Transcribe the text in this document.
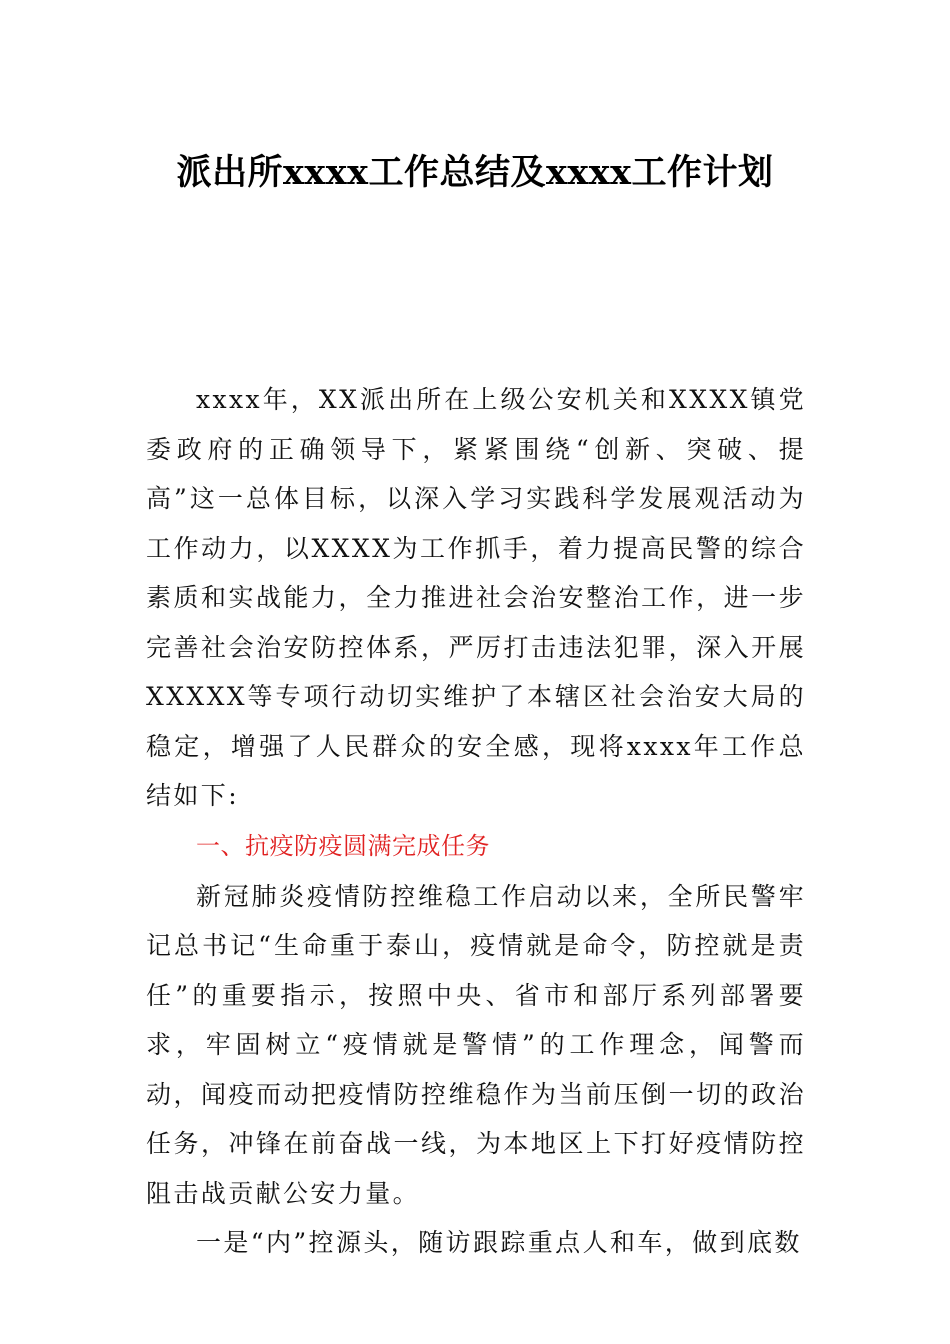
派出所xxxx工作总结及xxxx工作计划

xxxx年，XX派出所在上级公安机关和XXXX镇党委政府的正确领导下，紧紧围绕“创新、突破、提高”这一总体目标，以深入学习实践科学发展观活动为工作动力，以XXXX为工作抓手，着力提高民警的综合素质和实战能力，全力推进社会治安整治工作，进一步完善社会治安防控体系，严厉打击违法犯罪，深入开展XXXXX等专项行动切实维护了本辖区社会治安大局的稳定，增强了人民群众的安全感，现将xxxx年工作总结如下:

一、抗疫防疫圆满完成任务

新冠肺炎疫情防控维稳工作启动以来，全所民警牢记总书记“生命重于泰山，疫情就是命令，防控就是责任”的重要指示，按照中央、省市和部厅系列部署要求，牢固树立“疫情就是警情”的工作理念，闻警而动，闻疫而动把疫情防控维稳作为当前压倒一切的政治任务，冲锋在前奋战一线，为本地区上下打好疫情防控阻击战贡献公安力量。

一是“内”控源头，随访跟踪重点人和车，做到底数
